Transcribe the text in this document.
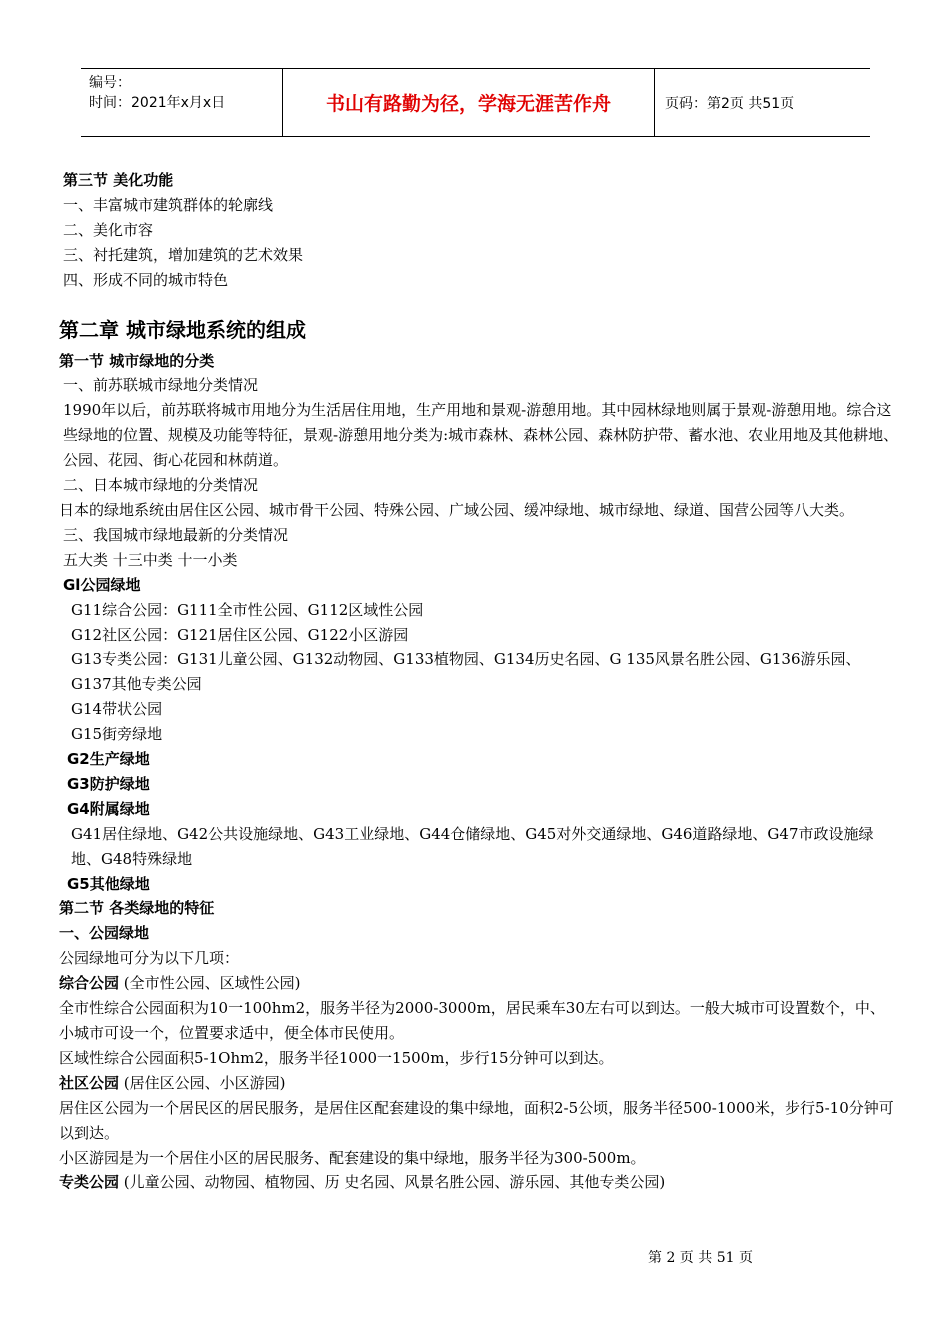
编号：
时间：2021年x月x日	书山有路勤为径，学海无涯苦作舟	页码：第2页 共51页
第三节 美化功能
一、丰富城市建筑群体的轮廓线
二、美化市容
三、衬托建筑，增加建筑的艺术效果
四、形成不同的城市特色
第二章 城市绿地系统的组成
第一节 城市绿地的分类
一、前苏联城市绿地分类情况
1990年以后，前苏联将城市用地分为生活居住用地，生产用地和景观-游憩用地。其中园林绿地则属于景观-游憩用地。综合这些绿地的位置、规模及功能等特征，景观-游憩用地分类为:城市森林、森林公园、森林防护带、蓄水池、农业用地及其他耕地、公园、花园、街心花园和林荫道。
二、日本城市绿地的分类情况
日本的绿地系统由居住区公园、城市骨干公园、特殊公园、广域公园、缓冲绿地、城市绿地、绿道、国营公园等八大类。
三、我国城市绿地最新的分类情况
五大类 十三中类 十一小类
Gl公园绿地
G11综合公园：G111全市性公园、G112区域性公园
G12社区公园：G121居住区公园、G122小区游园
G13专类公园：G131儿童公园、G132动物园、G133植物园、G134历史名园、G 135风景名胜公园、G136游乐园、G137其他专类公园
G14带状公园
G15街旁绿地
G2生产绿地
G3防护绿地
G4附属绿地
G41居住绿地、G42公共设施绿地、G43工业绿地、G44仓储绿地、G45对外交通绿地、G46道路绿地、G47市政设施绿地、G48特殊绿地
G5其他绿地
第二节 各类绿地的特征
一、公园绿地
公园绿地可分为以下几项：
综合公园 (全市性公园、区域性公园)
全市性综合公园面积为10一100hm2，服务半径为2000-3000m，居民乘车30左右可以到达。一般大城市可设置数个，中、小城市可设一个，位置要求适中，便全体市民使用。
区域性综合公园面积5-1Ohm2，服务半径1000一1500m，步行15分钟可以到达。
社区公园 (居住区公园、小区游园)
居住区公园为一个居民区的居民服务，是居住区配套建设的集中绿地，面积2-5公顷，服务半径500-1000米，步行5-10分钟可以到达。
小区游园是为一个居住小区的居民服务、配套建设的集中绿地，服务半径为300-500m。
专类公园 (儿童公园、动物园、植物园、历 史名园、风景名胜公园、游乐园、其他专类公园)
第 2 页 共 51 页
